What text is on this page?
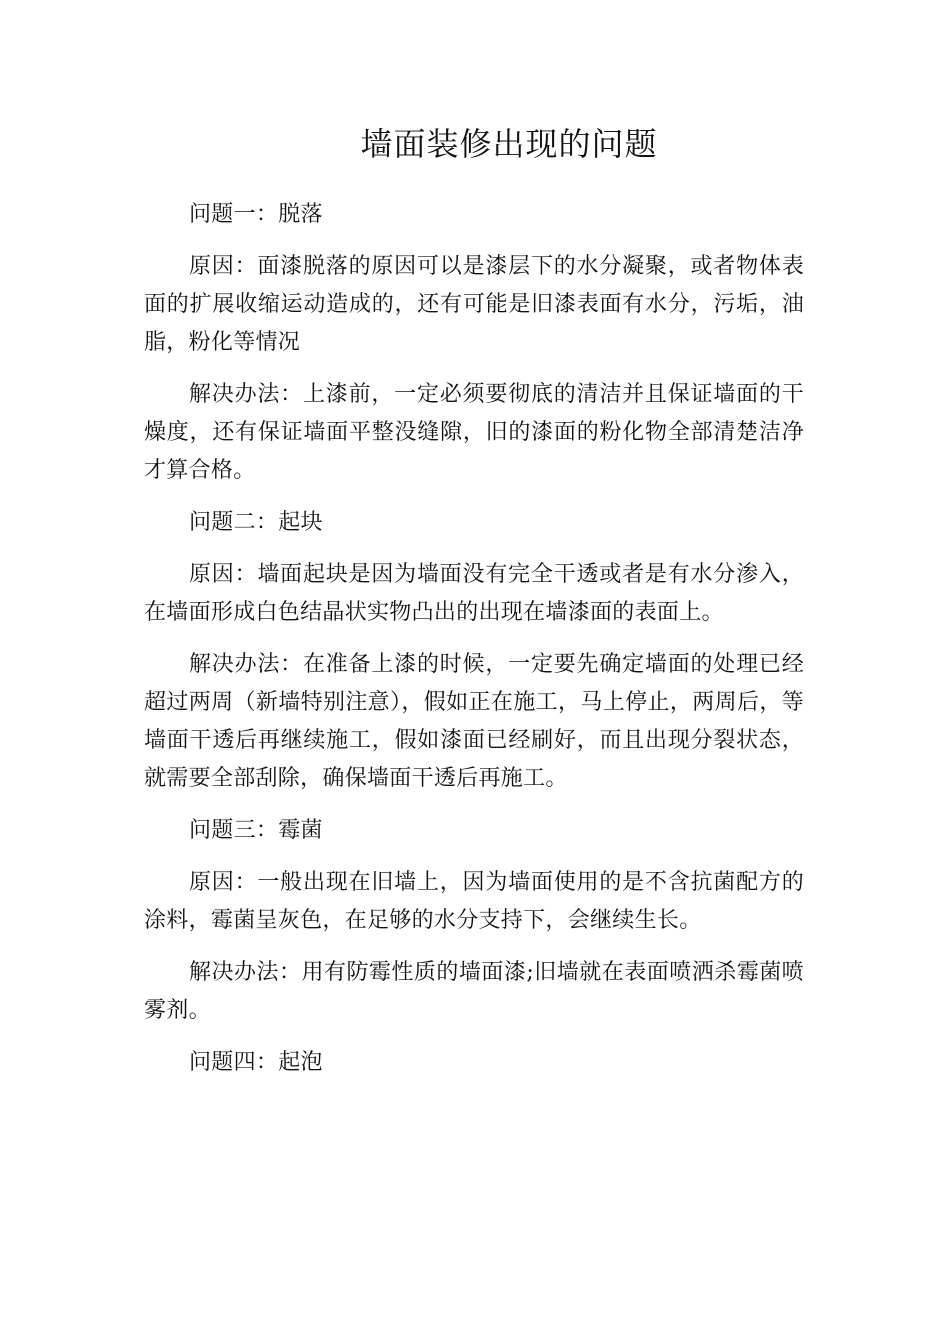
墙面装修出现的问题
问题一：脱落
原因：面漆脱落的原因可以是漆层下的水分凝聚，或者物体表面的扩展收缩运动造成的，还有可能是旧漆表面有水分，污垢，油脂，粉化等情况
解决办法：上漆前，一定必须要彻底的清洁并且保证墙面的干燥度，还有保证墙面平整没缝隙，旧的漆面的粉化物全部清楚洁净才算合格。
问题二：起块
原因：墙面起块是因为墙面没有完全干透或者是有水分渗入，在墙面形成白色结晶状实物凸出的出现在墙漆面的表面上。
解决办法：在准备上漆的时候，一定要先确定墙面的处理已经超过两周（新墙特别注意），假如正在施工，马上停止，两周后，等墙面干透后再继续施工，假如漆面已经刷好，而且出现分裂状态，就需要全部刮除，确保墙面干透后再施工。
问题三：霉菌
原因：一般出现在旧墙上，因为墙面使用的是不含抗菌配方的涂料，霉菌呈灰色，在足够的水分支持下，会继续生长。
解决办法：用有防霉性质的墙面漆;旧墙就在表面喷洒杀霉菌喷雾剂。
问题四：起泡
